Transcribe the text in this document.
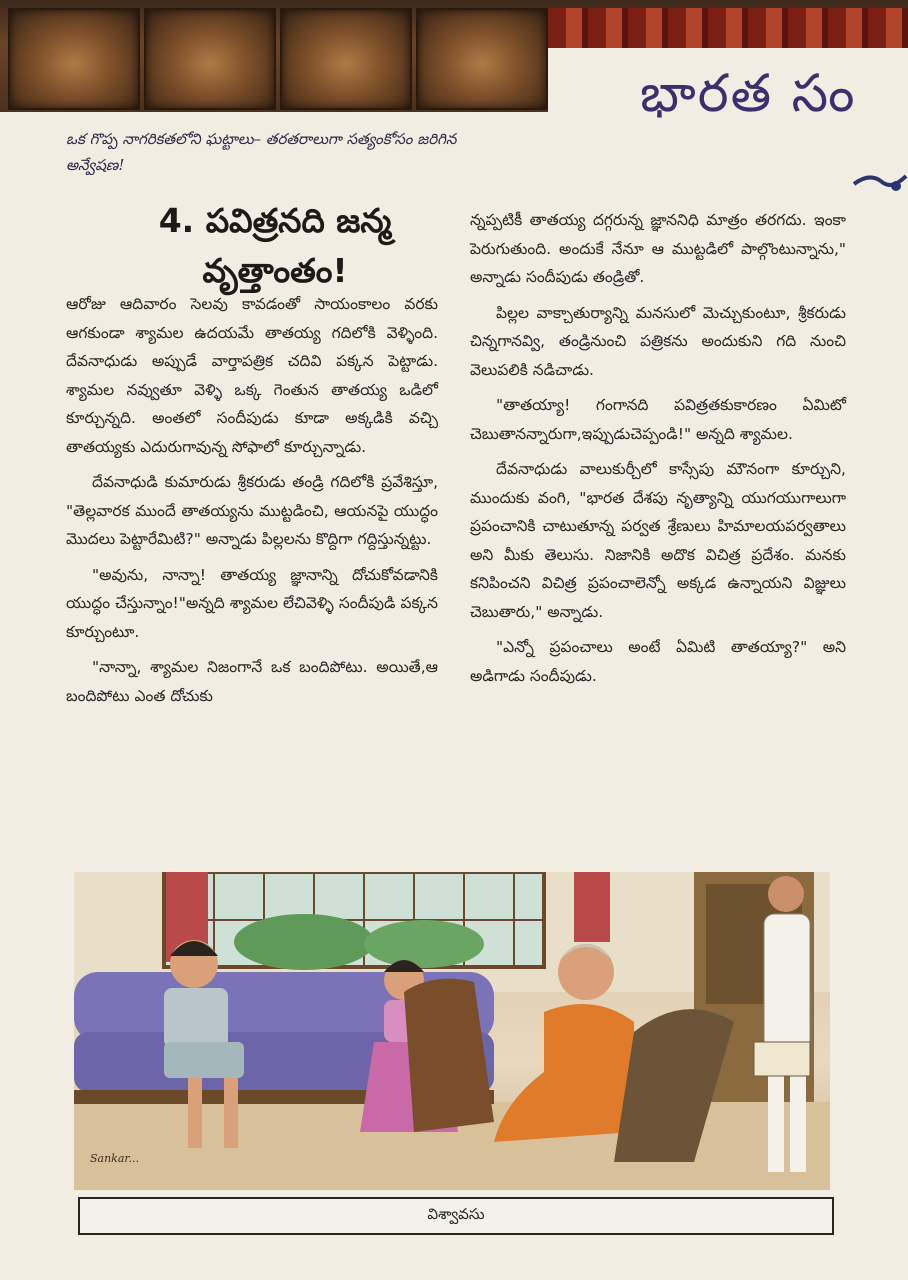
భారత సం
ఒక గొప్ప నాగరికతలోని ఘట్టాలు– తరతరాలుగా సత్యంకోసం జరిగిన అన్వేషణ!
4. పవిత్రనది జన్మ వృత్తాంతం!

ఆరోజు ఆదివారం సెలవు కావడంతో సాయంకాలం వరకు ఆగకుండా శ్యామల ఉదయమే తాతయ్య గదిలోకి వెళ్ళింది. దేవనాధుడు అప్పుడే వార్తాపత్రిక చదివి పక్కన పెట్టాడు. శ్యామల నవ్వుతూ వెళ్ళి ఒక్క గెంతున తాతయ్య ఒడిలో కూర్చున్నది. అంతలో సందీపుడు కూడా అక్కడికి వచ్చి తాతయ్యకు ఎదురుగావున్న సోఫాలో కూర్చున్నాడు.

దేవనాధుడి కుమారుడు శ్రీకరుడు తండ్రి గదిలోకి ప్రవేశిస్తూ, "తెల్లవారక ముందే తాతయ్యను ముట్టడించి, ఆయనపై యుద్ధం మొదలు పెట్టారేమిటి?" అన్నాడు పిల్లలను కొద్దిగా గద్దిస్తున్నట్టు.

"అవును, నాన్నా! తాతయ్య జ్ఞానాన్ని దోచుకోవడానికి యుద్ధం చేస్తున్నాం!"అన్నది శ్యామల లేచివెళ్ళి సందీపుడి పక్కన కూర్చుంటూ.

"నాన్నా, శ్యామల నిజంగానే ఒక బందిపోటు. అయితే,ఆ బందిపోటు ఎంత దోచుకు

న్నప్పటికీ తాతయ్య దగ్గరున్న జ్ఞాననిధి మాత్రం తరగదు. ఇంకా పెరుగుతుంది. అందుకే నేనూ ఆ ముట్టడిలో పాల్గొంటున్నాను," అన్నాడు సందీపుడు తండ్రితో.

పిల్లల వాక్చాతుర్యాన్ని మనసులో మెచ్చుకుంటూ, శ్రీకరుడు చిన్నగానవ్వి, తండ్రినుంచి పత్రికను అందుకుని గది నుంచి వెలుపలికి నడిచాడు.

"తాతయ్యా! గంగానది పవిత్రతకుకారణం ఏమిటో చెబుతానన్నారుగా,ఇప్పుడుచెప్పండి!" అన్నది శ్యామల.

దేవనాధుడు వాలుకుర్చీలో కాస్సేపు మౌనంగా కూర్చుని, ముందుకు వంగి, "భారత దేశపు నృత్యాన్ని యుగయుగాలుగా ప్రపంచానికి చాటుతూన్న పర్వత శ్రేణులు హిమాలయపర్వతాలు అని మీకు తెలుసు. నిజానికి అదొక విచిత్ర ప్రదేశం. మనకు కనిపించని విచిత్ర ప్రపంచాలెన్నో అక్కడ ఉన్నాయని విజ్ఞులు చెబుతారు," అన్నాడు.

"ఎన్నో ప్రపంచాలు అంటే ఏమిటి తాతయ్యా?" అని అడిగాడు సందీపుడు.

Sankar...
విశ్వావసు
